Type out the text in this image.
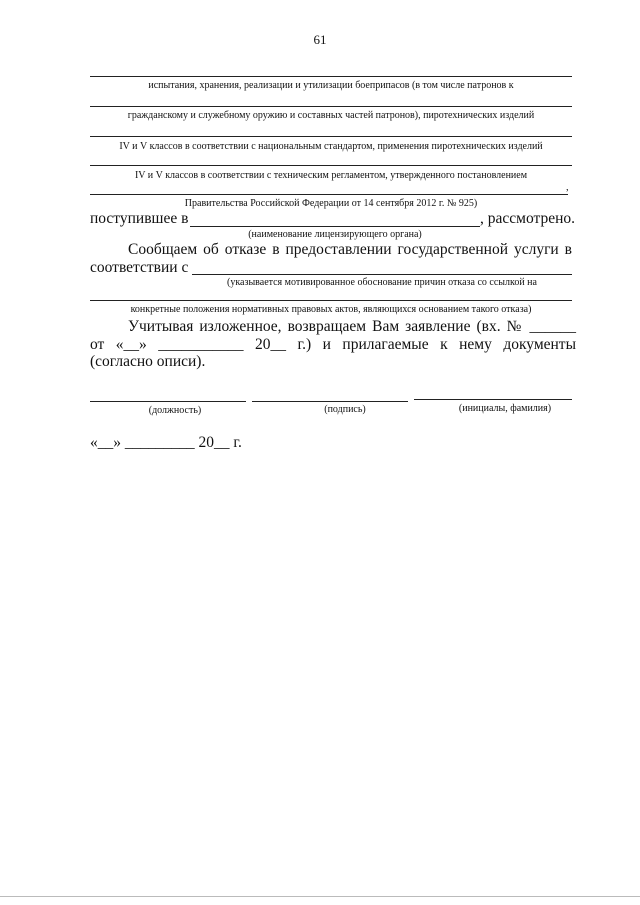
61
испытания, хранения, реализации и утилизации боеприпасов (в том числе патронов к
гражданскому и служебному оружию и составных частей патронов), пиротехнических изделий
IV и V классов в соответствии с национальным стандартом, применения пиротехнических изделий
IV и V классов в соответствии с техническим регламентом, утвержденного постановлением
,
Правительства Российской Федерации от 14 сентября 2012 г. № 925)
поступившее в	, рассмотрено.
(наименование лицензирующего органа)
Сообщаем об отказе в предоставлении государственной услуги в
соответствии с
(указывается мотивированное обоснование причин отказа со ссылкой на
конкретные положения нормативных правовых актов, являющихся основанием такого отказа)
Учитывая изложенное, возвращаем Вам заявление (вх. № ______
от «__» ___________ 20__ г.) и прилагаемые к нему документы
(согласно описи).
(должность)	(подпись)	(инициалы, фамилия)
«__» _________ 20__ г.
